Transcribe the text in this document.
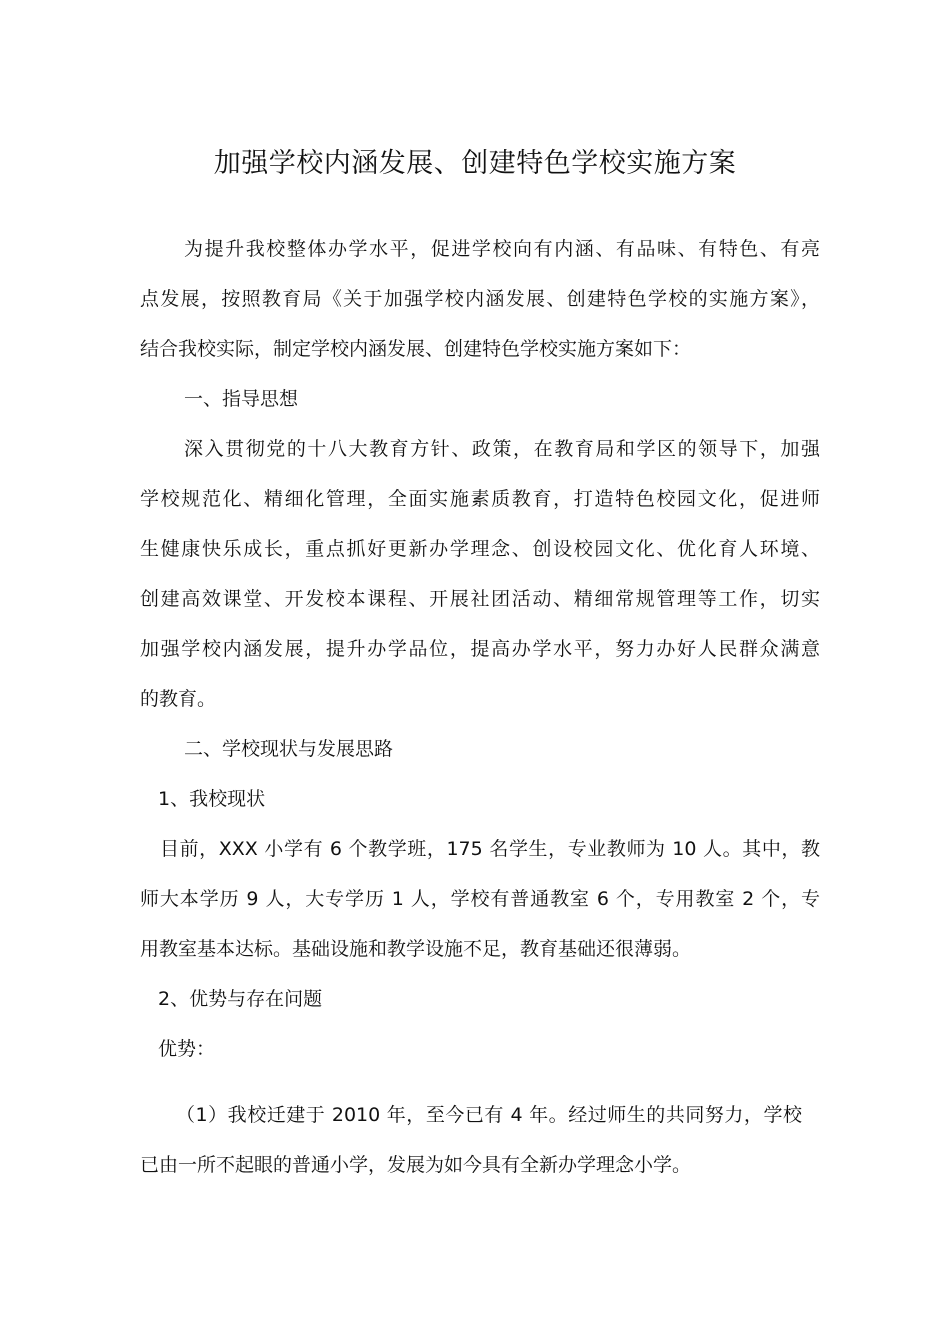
加强学校内涵发展、创建特色学校实施方案
为提升我校整体办学水平，促进学校向有内涵、有品味、有特色、有亮
点发展，按照教育局《关于加强学校内涵发展、创建特色学校的实施方案》，
结合我校实际，制定学校内涵发展、创建特色学校实施方案如下：
一、指导思想
深入贯彻党的十八大教育方针、政策，在教育局和学区的领导下，加强
学校规范化、精细化管理，全面实施素质教育，打造特色校园文化，促进师
生健康快乐成长，重点抓好更新办学理念、创设校园文化、优化育人环境、
创建高效课堂、开发校本课程、开展社团活动、精细常规管理等工作，切实
加强学校内涵发展，提升办学品位，提高办学水平，努力办好人民群众满意
的教育。
二、学校现状与发展思路
1、我校现状
目前，XXX 小学有 6 个教学班，175 名学生，专业教师为 10 人。其中，教
师大本学历 9 人，大专学历 1 人，学校有普通教室 6 个，专用教室 2 个，专
用教室基本达标。基础设施和教学设施不足，教育基础还很薄弱。
2、优势与存在问题
优势：
（1）我校迁建于 2010 年，至今已有 4 年。经过师生的共同努力，学校
已由一所不起眼的普通小学，发展为如今具有全新办学理念小学。
